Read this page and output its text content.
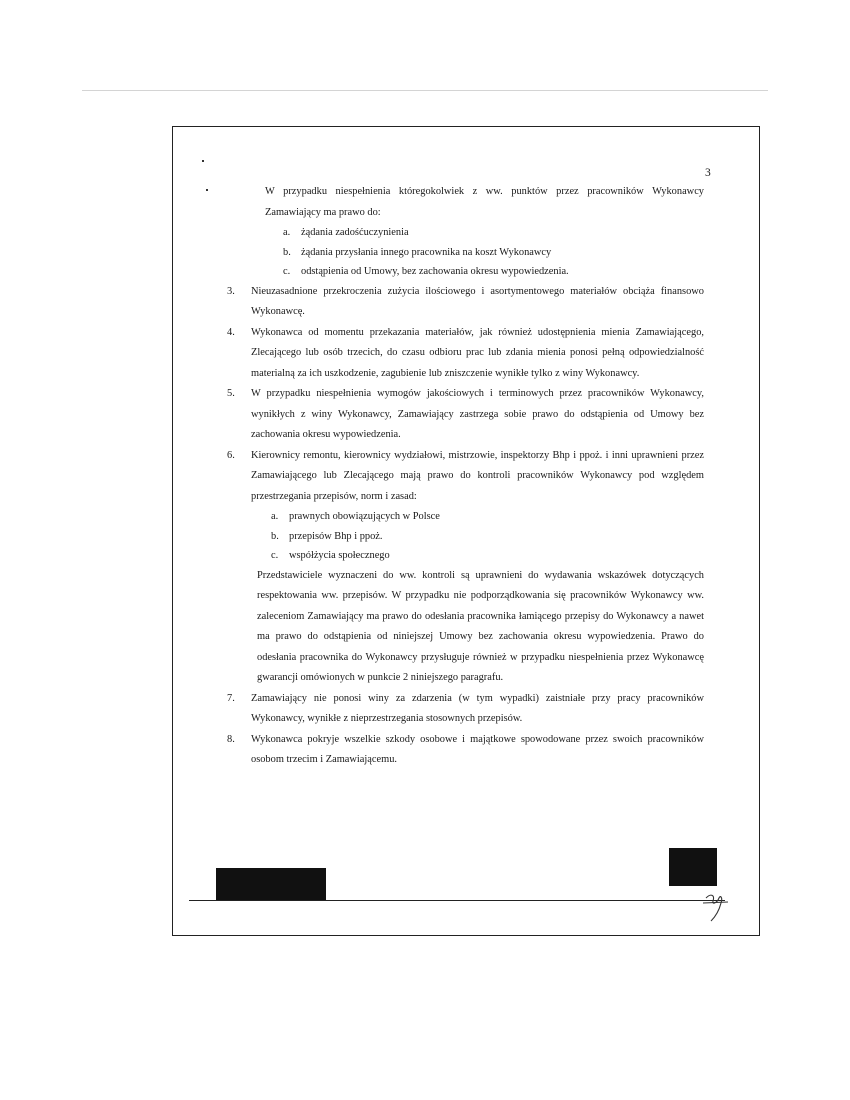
3

W przypadku niespełnienia któregokolwiek z ww. punktów przez pracowników Wykonawcy Zamawiający ma prawo do:

a. żądania zadośćuczynienia
b. żądania przysłania innego pracownika na koszt Wykonawcy
c. odstąpienia od Umowy, bez zachowania okresu wypowiedzenia.
3. Nieuzasadnione przekroczenia zużycia ilościowego i asortymentowego materiałów obciąża finansowo Wykonawcę.

4. Wykonawca od momentu przekazania materiałów, jak również udostępnienia mienia Zamawiającego, Zlecającego lub osób trzecich, do czasu odbioru prac lub zdania mienia ponosi pełną odpowiedzialność materialną za ich uszkodzenie, zagubienie lub zniszczenie wynikłe tylko z winy Wykonawcy.

5. W przypadku niespełnienia wymogów jakościowych i terminowych przez pracowników Wykonawcy, wynikłych z winy Wykonawcy, Zamawiający zastrzega sobie prawo do odstąpienia od Umowy bez zachowania okresu wypowiedzenia.

6. Kierownicy remontu, kierownicy wydziałowi, mistrzowie, inspektorzy Bhp i ppoż. i inni uprawnieni przez Zamawiającego lub Zlecającego mają prawo do kontroli pracowników Wykonawcy pod względem przestrzegania przepisów, norm i zasad:

a. prawnych obowiązujących w Polsce
b. przepisów Bhp i ppoż.
c. współżycia społecznego

Przedstawiciele wyznaczeni do ww. kontroli są uprawnieni do wydawania wskazówek dotyczących respektowania ww. przepisów. W przypadku nie podporządkowania się pracowników Wykonawcy ww. zaleceniom Zamawiający ma prawo do odesłania pracownika łamiącego przepisy do Wykonawcy a nawet ma prawo do odstąpienia od niniejszej Umowy bez zachowania okresu wypowiedzenia. Prawo do odesłania pracownika do Wykonawcy przysługuje również w przypadku niespełnienia przez Wykonawcę gwarancji omówionych w punkcie 2 niniejszego paragrafu.

7. Zamawiający nie ponosi winy za zdarzenia (w tym wypadki) zaistniałe przy pracy pracowników Wykonawcy, wynikłe z nieprzestrzegania stosownych przepisów.

8. Wykonawca pokryje wszelkie szkody osobowe i majątkowe spowodowane przez swoich pracowników osobom trzecim i Zamawiającemu.
